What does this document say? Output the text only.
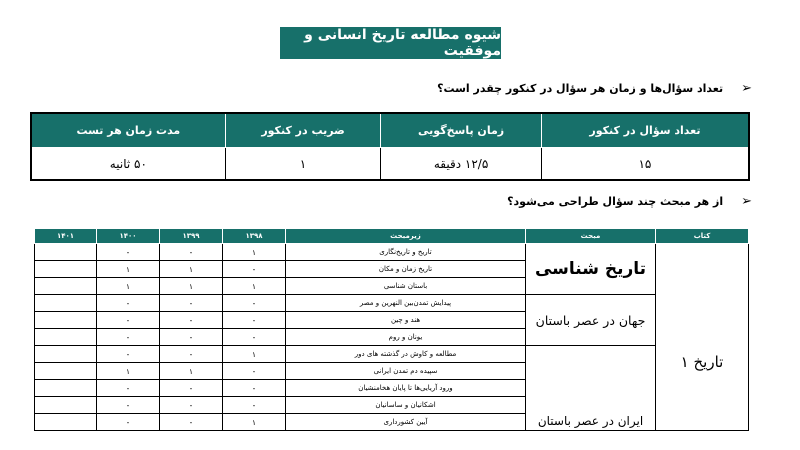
شیوه مطالعه تاریخ انسانی و موفقیت
➢
تعداد سؤال‌ها و زمان هر سؤال در کنکور چقدر است؟
تعداد سؤال در کنکور	زمان پاسخ‌گویی	ضریب در کنکور	مدت زمان هر تست
۱۵	۱۲/۵ دقیقه	۱	۵۰ ثانیه
➢
از هر مبحث چند سؤال طراحی می‌شود؟
کتاب	مبحث	زیرمبحث	۱۳۹۸	۱۳۹۹	۱۴۰۰	۱۴۰۱
	تاریخ شناسی	تاریخ و تاریخ‌نگاری	۱	-	-	
		تاریخ زمان و مکان	-	۱	۱	
		باستان شناسی	۱	۱	۱	
تاریخ ۱	جهان در عصر باستان	پیدایش تمدن‌بین النهرین و مصر	-	-	-	
		هند و چین	-	-	-	
		یونان و روم	-	-	-	
	ایران در عصر باستان	مطالعه و کاوش در گذشته های دور	۱	-	-	
		سپیده دم تمدن ایرانی	-	۱	۱	
		ورود آریایی‌ها تا پایان هخامنشیان	-	-	-	
		اشکانیان و ساسانیان	-	-	-	
		آیین کشورداری	۱	-	-	
